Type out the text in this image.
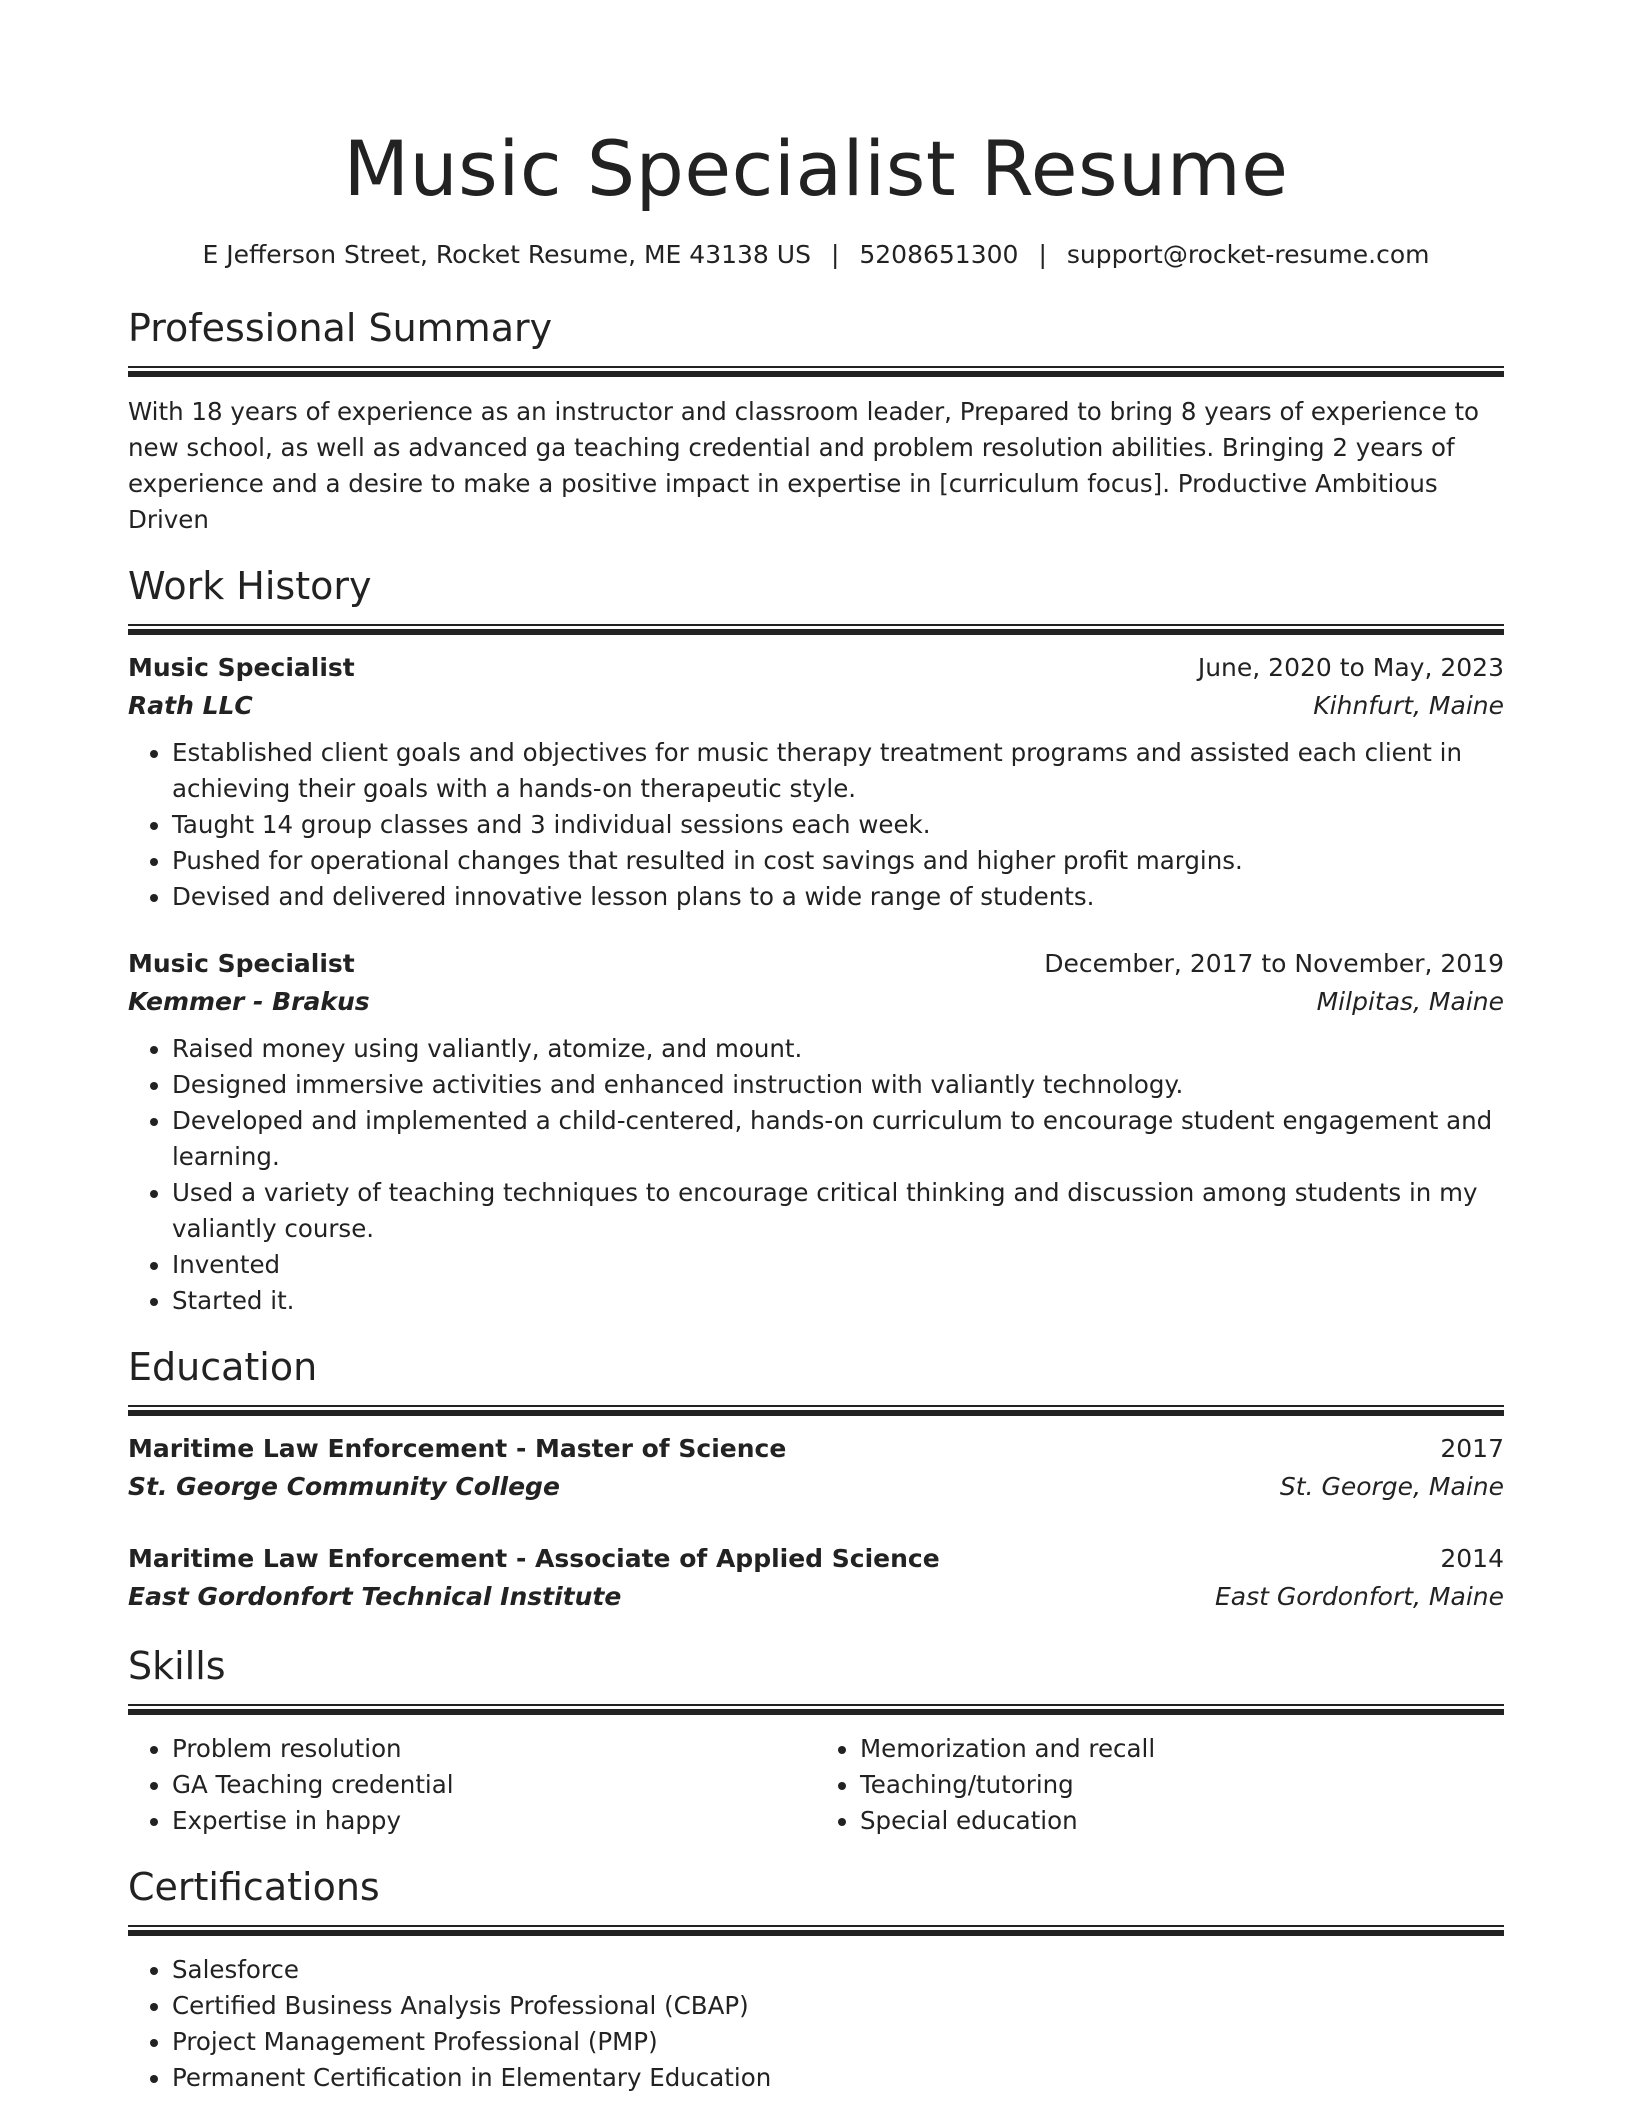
Music Specialist Resume
E Jefferson Street, Rocket Resume, ME 43138 US | 5208651300 | support@rocket-resume.com
Professional Summary
With 18 years of experience as an instructor and classroom leader, Prepared to bring 8 years of experience to new school, as well as advanced ga teaching credential and problem resolution abilities. Bringing 2 years of experience and a desire to make a positive impact in expertise in [curriculum focus]. Productive Ambitious Driven
Work History
Music Specialist	June, 2020 to May, 2023
Rath LLC	Kihnfurt, Maine
• Established client goals and objectives for music therapy treatment programs and assisted each client in achieving their goals with a hands-on therapeutic style.
• Taught 14 group classes and 3 individual sessions each week.
• Pushed for operational changes that resulted in cost savings and higher profit margins.
• Devised and delivered innovative lesson plans to a wide range of students.
Music Specialist	December, 2017 to November, 2019
Kemmer - Brakus	Milpitas, Maine
• Raised money using valiantly, atomize, and mount.
• Designed immersive activities and enhanced instruction with valiantly technology.
• Developed and implemented a child-centered, hands-on curriculum to encourage student engagement and learning.
• Used a variety of teaching techniques to encourage critical thinking and discussion among students in my valiantly course.
• Invented
• Started it.
Education
Maritime Law Enforcement - Master of Science	2017
St. George Community College	St. George, Maine
Maritime Law Enforcement - Associate of Applied Science	2014
East Gordonfort Technical Institute	East Gordonfort, Maine
Skills
• Problem resolution
• GA Teaching credential
• Expertise in happy
• Memorization and recall
• Teaching/tutoring
• Special education
Certifications
• Salesforce
• Certified Business Analysis Professional (CBAP)
• Project Management Professional (PMP)
• Permanent Certification in Elementary Education
